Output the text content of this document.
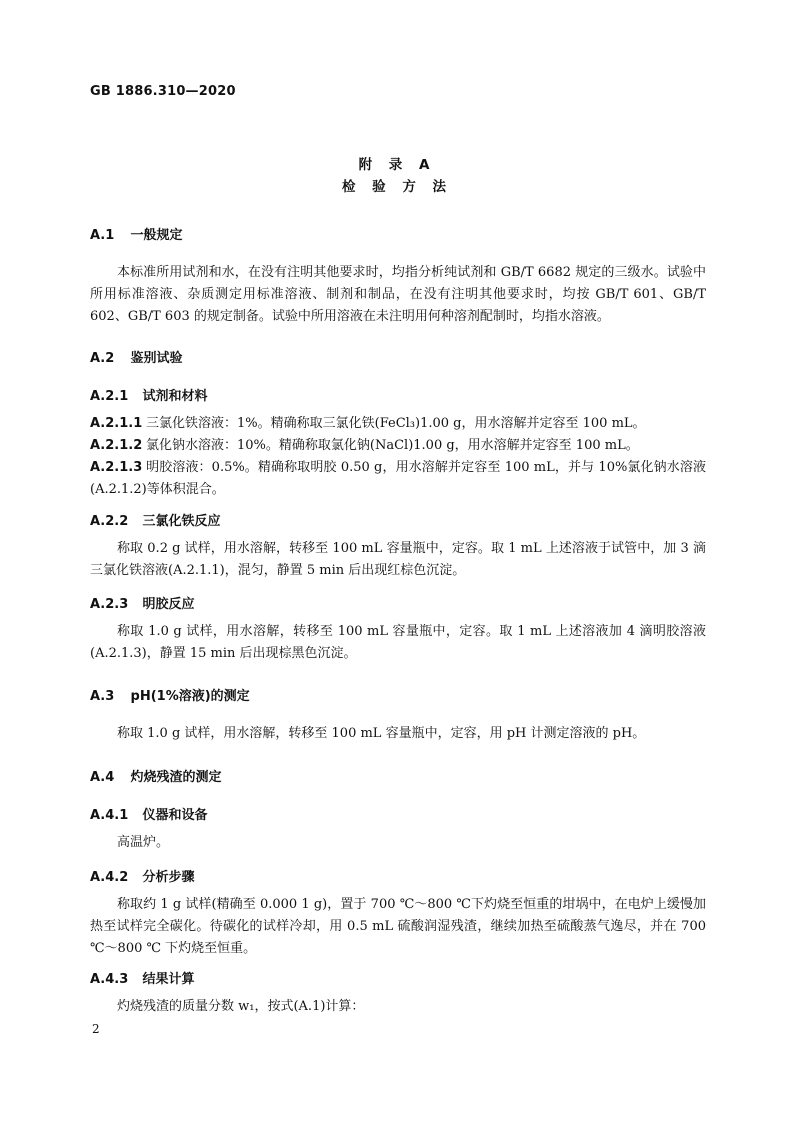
GB 1886.310—2020
附 录 A
检 验 方 法
A.1 一般规定
本标准所用试剂和水，在没有注明其他要求时，均指分析纯试剂和 GB/T 6682 规定的三级水。试验中所用标准溶液、杂质测定用标准溶液、制剂和制品，在没有注明其他要求时，均按 GB/T 601、GB/T 602、GB/T 603 的规定制备。试验中所用溶液在未注明用何种溶剂配制时，均指水溶液。
A.2 鉴别试验
A.2.1 试剂和材料
A.2.1.1 三氯化铁溶液：1%。精确称取三氯化铁(FeCl₃)1.00 g，用水溶解并定容至 100 mL。
A.2.1.2 氯化钠水溶液：10%。精确称取氯化钠(NaCl)1.00 g，用水溶解并定容至 100 mL。
A.2.1.3 明胶溶液：0.5%。精确称取明胶 0.50 g，用水溶解并定容至 100 mL，并与 10%氯化钠水溶液(A.2.1.2)等体积混合。
A.2.2 三氯化铁反应
称取 0.2 g 试样，用水溶解，转移至 100 mL 容量瓶中，定容。取 1 mL 上述溶液于试管中，加 3 滴三氯化铁溶液(A.2.1.1)，混匀，静置 5 min 后出现红棕色沉淀。
A.2.3 明胶反应
称取 1.0 g 试样，用水溶解，转移至 100 mL 容量瓶中，定容。取 1 mL 上述溶液加 4 滴明胶溶液(A.2.1.3)，静置 15 min 后出现棕黑色沉淀。
A.3 pH(1%溶液)的测定
称取 1.0 g 试样，用水溶解，转移至 100 mL 容量瓶中，定容，用 pH 计测定溶液的 pH。
A.4 灼烧残渣的测定
A.4.1 仪器和设备
高温炉。
A.4.2 分析步骤
称取约 1 g 试样(精确至 0.000 1 g)，置于 700 ℃～800 ℃下灼烧至恒重的坩埚中，在电炉上缓慢加热至试样完全碳化。待碳化的试样冷却，用 0.5 mL 硫酸润湿残渣，继续加热至硫酸蒸气逸尽，并在 700 ℃～800 ℃ 下灼烧至恒重。
A.4.3 结果计算
灼烧残渣的质量分数 w₁，按式(A.1)计算：
2
